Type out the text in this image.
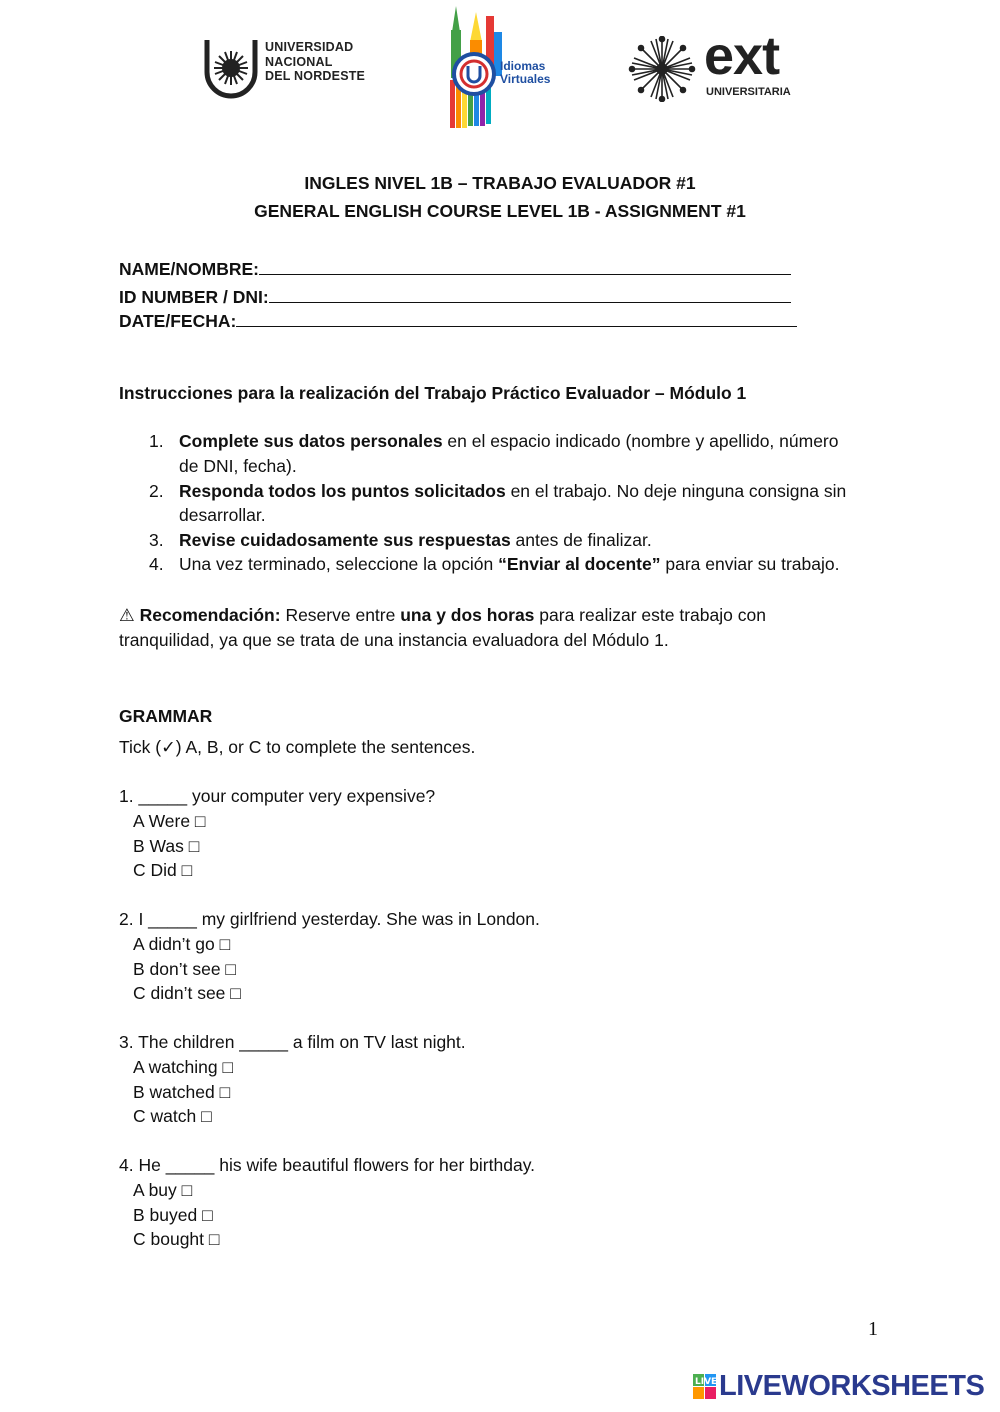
UNIVERSIDAD
NACIONAL
DEL NORDESTE
Idiomas
Virtuales	ext
UNIVERSITARIA
INGLES NIVEL 1B – TRABAJO EVALUADOR #1
GENERAL ENGLISH COURSE LEVEL 1B - ASSIGNMENT #1
NAME/NOMBRE:
ID NUMBER / DNI:
DATE/FECHA:
Instrucciones para la realización del Trabajo Práctico Evaluador – Módulo 1
1. Complete sus datos personales en el espacio indicado (nombre y apellido, número
de DNI, fecha).
2. Responda todos los puntos solicitados en el trabajo. No deje ninguna consigna sin
desarrollar.
3. Revise cuidadosamente sus respuestas antes de finalizar.
4. Una vez terminado, seleccione la opción “Enviar al docente” para enviar su trabajo.
⚠ Recomendación: Reserve entre una y dos horas para realizar este trabajo con
tranquilidad, ya que se trata de una instancia evaluadora del Módulo 1.
GRAMMAR
Tick (✓) A, B, or C to complete the sentences.
1. _____ your computer very expensive?
A Were □
B Was □
C Did □
2. I _____ my girlfriend yesterday. She was in London.
A didn’t go □
B don’t see □
C didn’t see □
3. The children _____ a film on TV last night.
A watching □
B watched □
C watch □
4. He _____ his wife beautiful flowers for her birthday.
A buy □
B buyed □
C bought □
1
LIVE LIVEWORKSHEETS
